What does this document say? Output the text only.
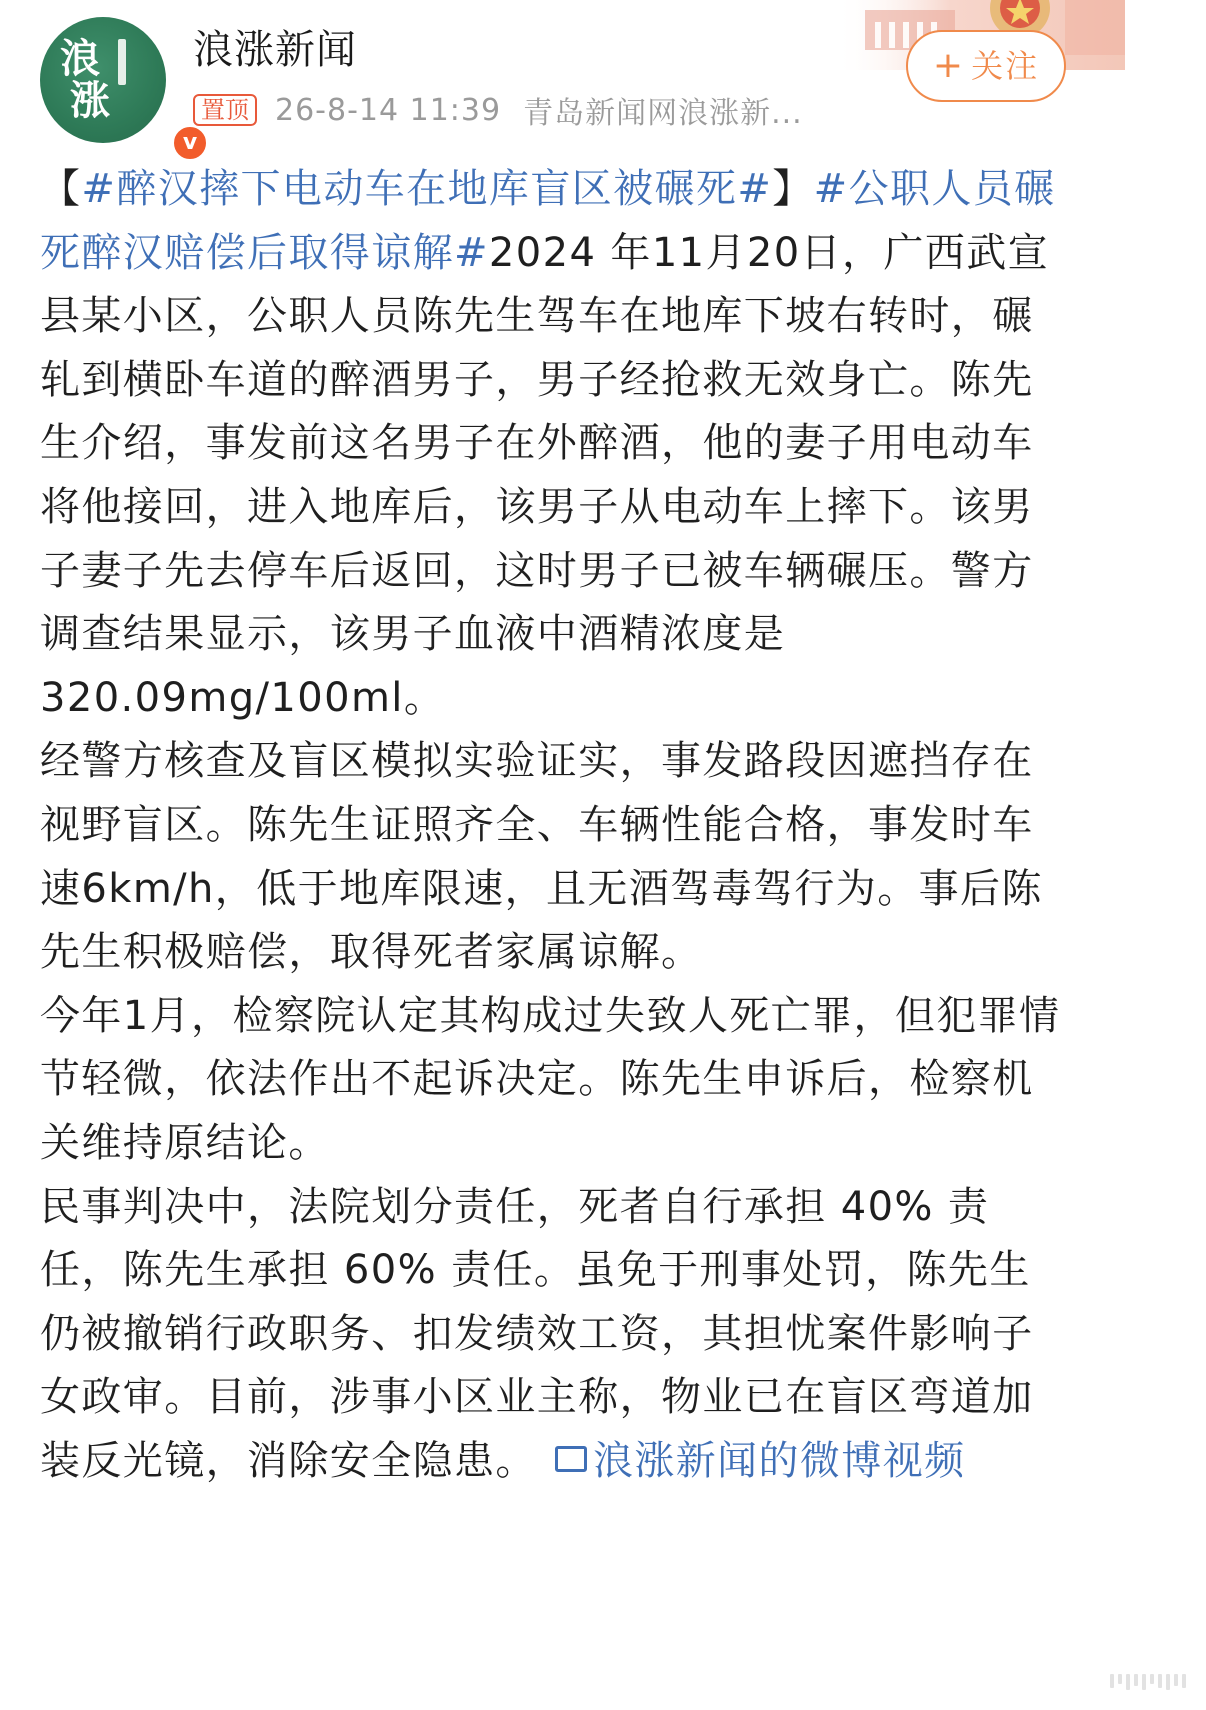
浪
涨
v
浪涨新闻
置顶 26-8-14 11:39 青岛新闻网浪涨新...
+ 关注

【#醉汉摔下电动车在地库盲区被碾死#】#公职人员碾死醉汉赔偿后取得谅解#2024 年11月20日，广西武宣县某小区，公职人员陈先生驾车在地库下坡右转时，碾轧到横卧车道的醉酒男子，男子经抢救无效身亡。陈先生介绍，事发前这名男子在外醉酒，他的妻子用电动车将他接回，进入地库后，该男子从电动车上摔下。该男子妻子先去停车后返回，这时男子已被车辆碾压。警方调查结果显示，该男子血液中酒精浓度是 320.09mg/100ml。

经警方核查及盲区模拟实验证实，事发路段因遮挡存在视野盲区。陈先生证照齐全、车辆性能合格，事发时车速6km/h，低于地库限速，且无酒驾毒驾行为。事后陈先生积极赔偿，取得死者家属谅解。

今年1月，检察院认定其构成过失致人死亡罪，但犯罪情节轻微，依法作出不起诉决定。陈先生申诉后，检察机关维持原结论。

民事判决中，法院划分责任，死者自行承担 40% 责任，陈先生承担 60% 责任。虽免于刑事处罚，陈先生仍被撤销行政职务、扣发绩效工资，其担忧案件影响子女政审。目前，涉事小区业主称，物业已在盲区弯道加装反光镜，消除安全隐患。 浪涨新闻的微博视频
